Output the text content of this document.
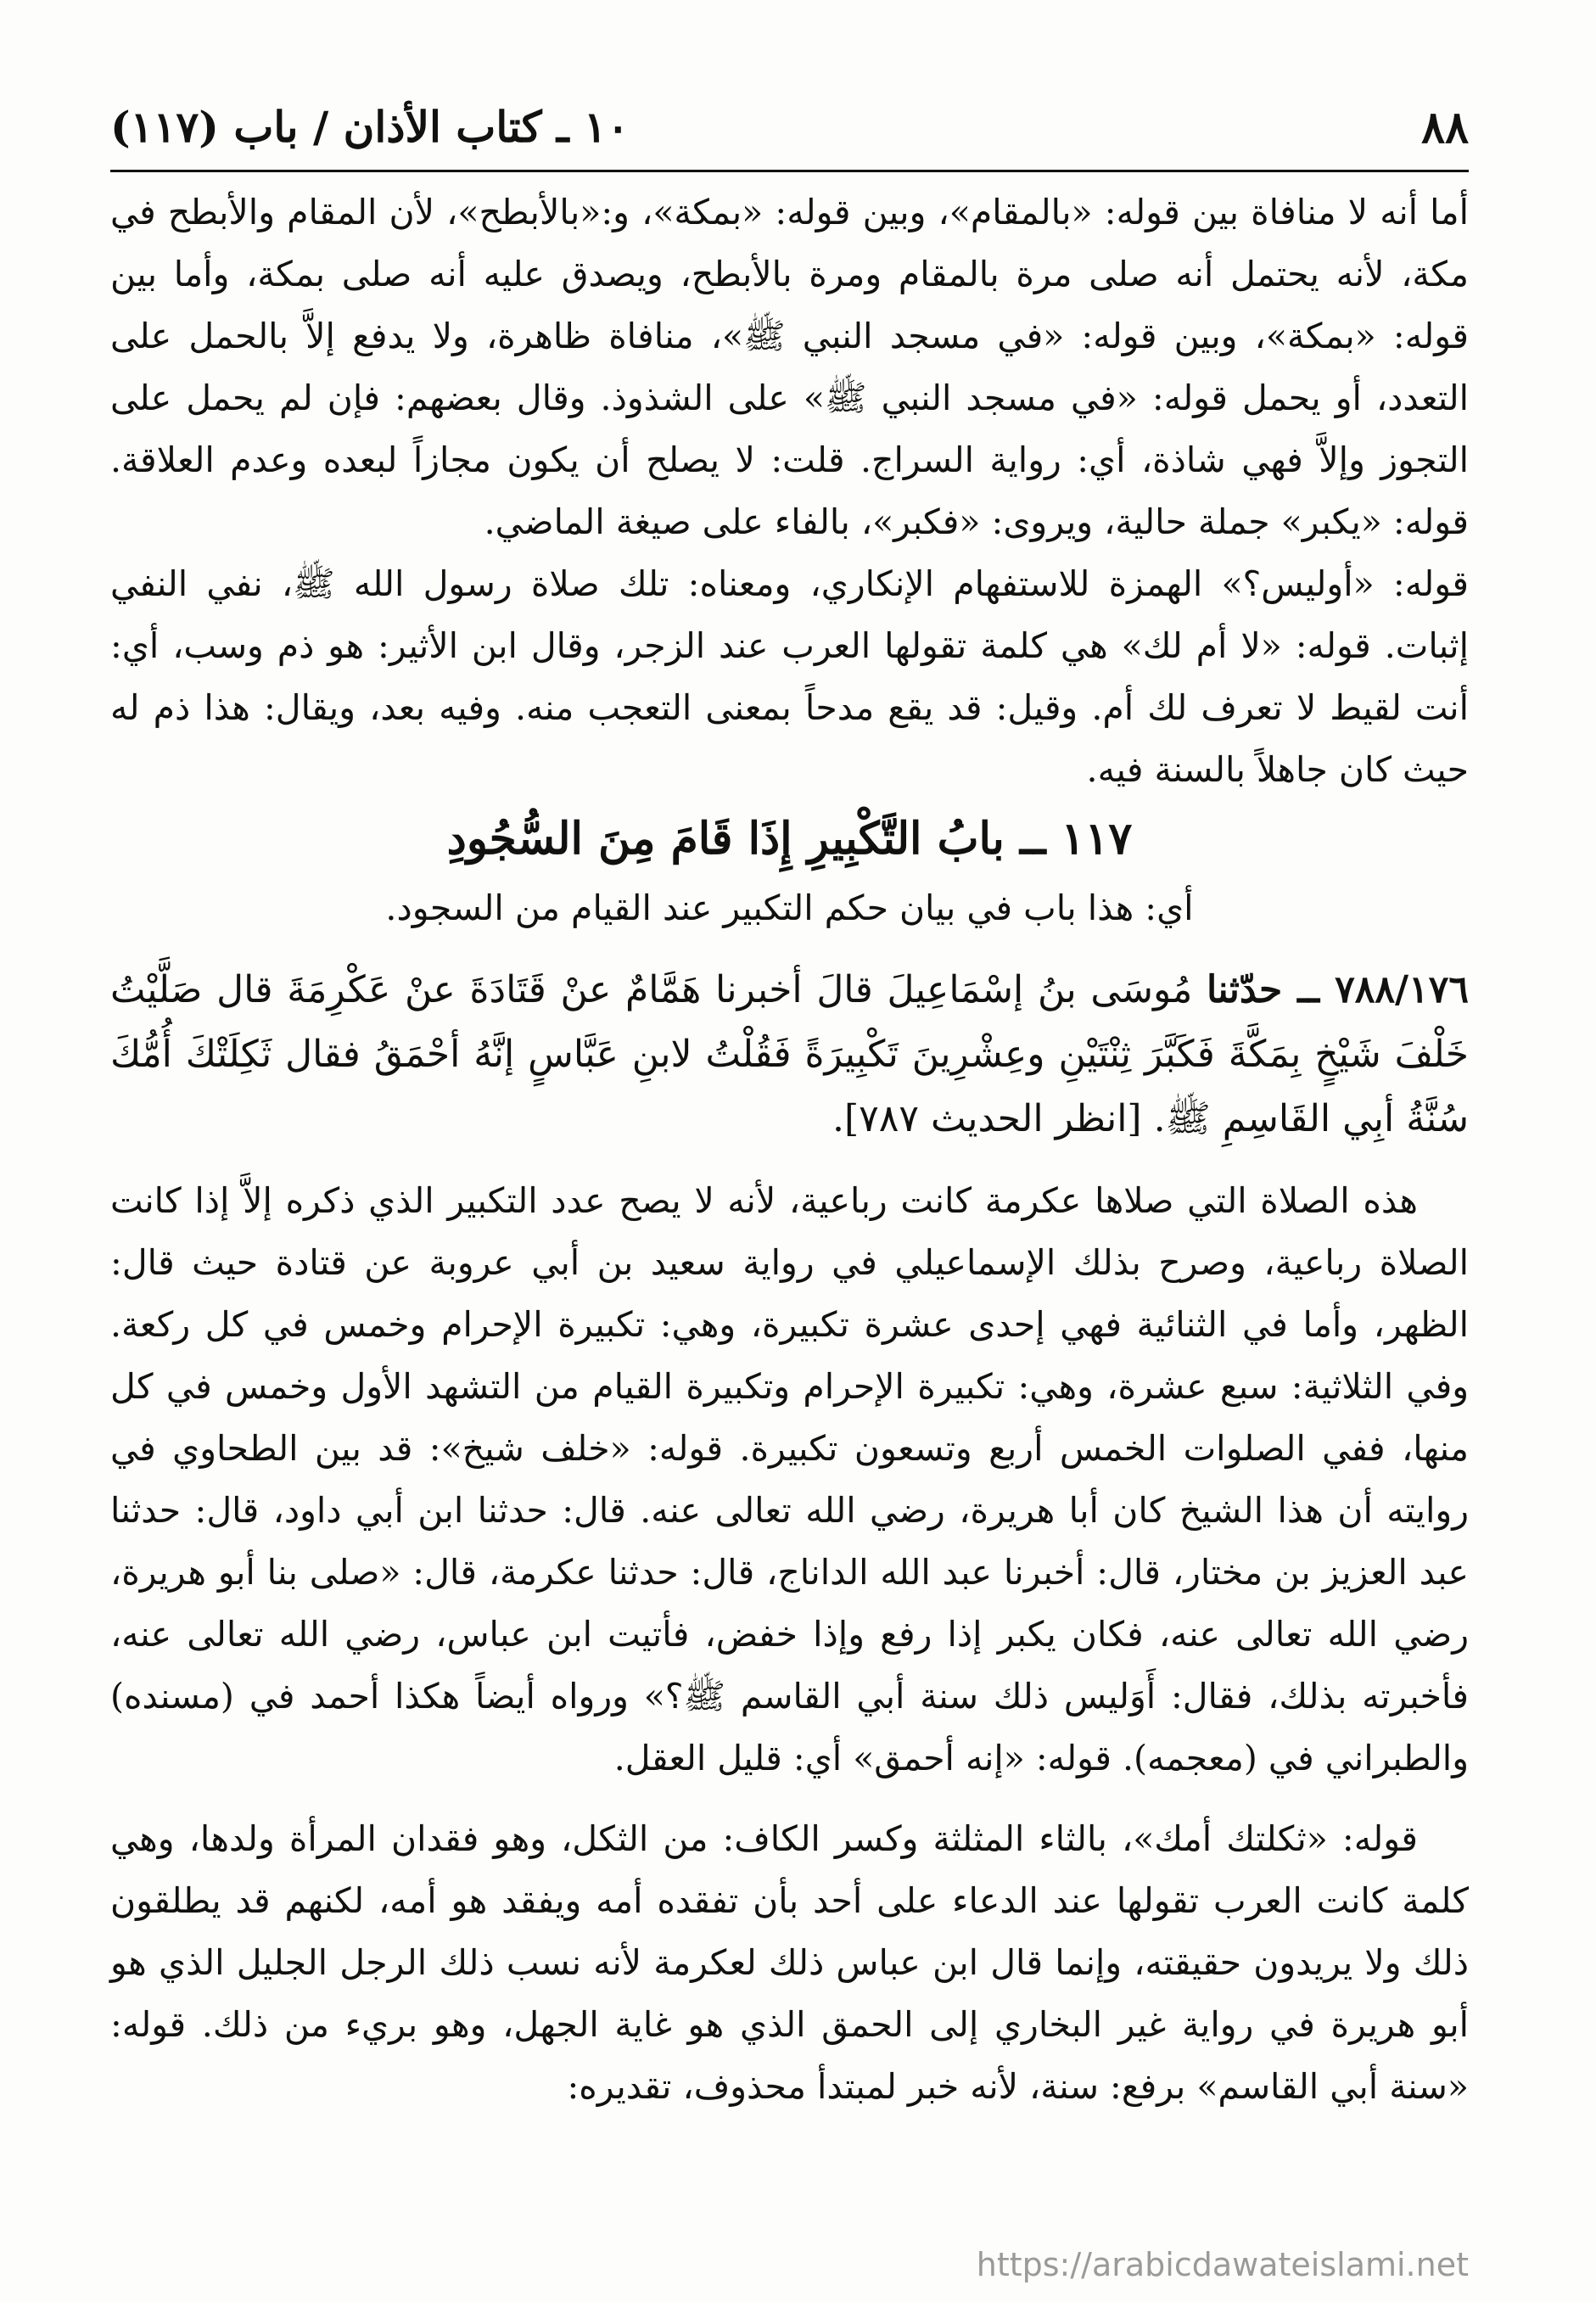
٨٨
١٠ ـ كتاب الأذان / باب (١١٧)

أما أنه لا منافاة بين قوله: «بالمقام»، وبين قوله: «بمكة»، و:«بالأبطح»، لأن المقام والأبطح في مكة، لأنه يحتمل أنه صلى مرة بالمقام ومرة بالأبطح، ويصدق عليه أنه صلى بمكة، وأما بين قوله: «بمكة»، وبين قوله: «في مسجد النبي ﷺ»، منافاة ظاهرة، ولا يدفع إلاَّ بالحمل على التعدد، أو يحمل قوله: «في مسجد النبي ﷺ» على الشذوذ. وقال بعضهم: فإن لم يحمل على التجوز وإلاَّ فهي شاذة، أي: رواية السراج. قلت: لا يصلح أن يكون مجازاً لبعده وعدم العلاقة. قوله: «يكبر» جملة حالية، ويروى: «فكبر»، بالفاء على صيغة الماضي.

قوله: «أوليس؟» الهمزة للاستفهام الإنكاري، ومعناه: تلك صلاة رسول الله ﷺ، نفي النفي إثبات. قوله: «لا أم لك» هي كلمة تقولها العرب عند الزجر، وقال ابن الأثير: هو ذم وسب، أي: أنت لقيط لا تعرف لك أم. وقيل: قد يقع مدحاً بمعنى التعجب منه. وفيه بعد، ويقال: هذا ذم له حيث كان جاهلاً بالسنة فيه.

١١٧ ــ بابُ التَّكْبِيرِ إِذَا قَامَ مِنَ السُّجُودِ

أي: هذا باب في بيان حكم التكبير عند القيام من السجود.

٧٨٨/١٧٦ ــ حدّثنا مُوسَى بنُ إسْمَاعِيلَ قالَ أخبرنا هَمَّامٌ عنْ قَتَادَةَ عنْ عَكْرِمَةَ قال صَلَّيْتُ خَلْفَ شَيْخٍ بِمَكَّةَ فَكَبَّرَ ثِنْتَيْنِ وعِشْرِينَ تَكْبِيرَةً فَقُلْتُ لابنِ عَبَّاسٍ إنَّهُ أحْمَقُ فقال ثَكِلَتْكَ أُمُّكَ سُنَّةُ أبِي القَاسِمِ ﷺ. [انظر الحديث ٧٨٧].

هذه الصلاة التي صلاها عكرمة كانت رباعية، لأنه لا يصح عدد التكبير الذي ذكره إلاَّ إذا كانت الصلاة رباعية، وصرح بذلك الإسماعيلي في رواية سعيد بن أبي عروبة عن قتادة حيث قال: الظهر، وأما في الثنائية فهي إحدى عشرة تكبيرة، وهي: تكبيرة الإحرام وخمس في كل ركعة. وفي الثلاثية: سبع عشرة، وهي: تكبيرة الإحرام وتكبيرة القيام من التشهد الأول وخمس في كل منها، ففي الصلوات الخمس أربع وتسعون تكبيرة. قوله: «خلف شيخ»: قد بين الطحاوي في روايته أن هذا الشيخ كان أبا هريرة، رضي الله تعالى عنه. قال: حدثنا ابن أبي داود، قال: حدثنا عبد العزيز بن مختار، قال: أخبرنا عبد الله الداناج، قال: حدثنا عكرمة، قال: «صلى بنا أبو هريرة، رضي الله تعالى عنه، فكان يكبر إذا رفع وإذا خفض، فأتيت ابن عباس، رضي الله تعالى عنه، فأخبرته بذلك، فقال: أَوَليس ذلك سنة أبي القاسم ﷺ؟» ورواه أيضاً هكذا أحمد في (مسنده) والطبراني في (معجمه). قوله: «إنه أحمق» أي: قليل العقل.

قوله: «ثكلتك أمك»، بالثاء المثلثة وكسر الكاف: من الثكل، وهو فقدان المرأة ولدها، وهي كلمة كانت العرب تقولها عند الدعاء على أحد بأن تفقده أمه ويفقد هو أمه، لكنهم قد يطلقون ذلك ولا يريدون حقيقته، وإنما قال ابن عباس ذلك لعكرمة لأنه نسب ذلك الرجل الجليل الذي هو أبو هريرة في رواية غير البخاري إلى الحمق الذي هو غاية الجهل، وهو بريء من ذلك. قوله: «سنة أبي القاسم» برفع: سنة، لأنه خبر لمبتدأ محذوف، تقديره:

https://arabicdawateislami.net
